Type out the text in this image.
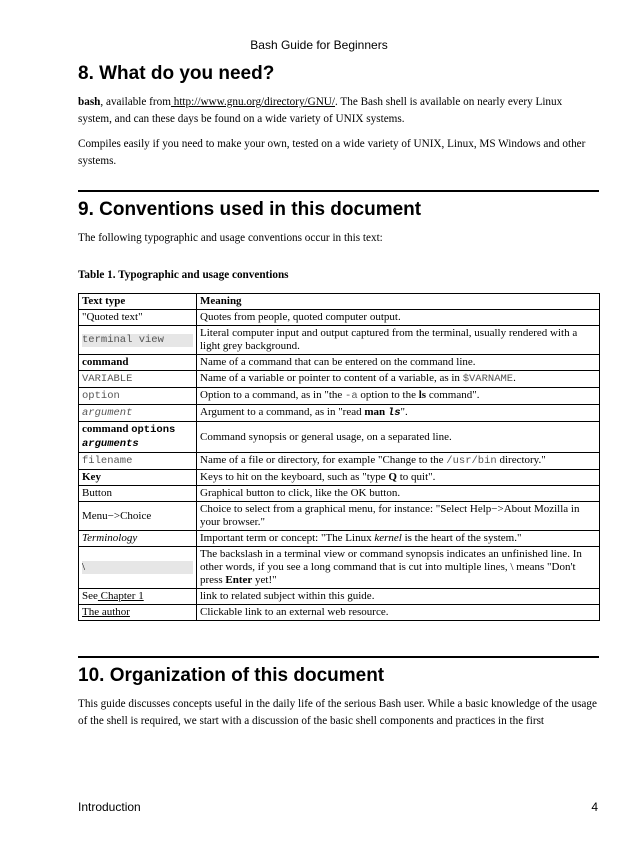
Bash Guide for Beginners
8. What do you need?

bash, available from http://www.gnu.org/directory/GNU/. The Bash shell is available on nearly every Linux system, and can these days be found on a wide variety of UNIX systems.

Compiles easily if you need to make your own, tested on a wide variety of UNIX, Linux, MS Windows and other systems.

9. Conventions used in this document

The following typographic and usage conventions occur in this text:

Table 1. Typographic and usage conventions

Text type	Meaning
"Quoted text"	Quotes from people, quoted computer output.

terminal view	Literal computer input and output captured from the terminal, usually rendered with a light grey background.
command	Name of a command that can be entered on the command line.
VARIABLE	Name of a variable or pointer to content of a variable, as in $VARNAME.
option	Option to a command, as in "the -a option to the ls command".
argument	Argument to a command, as in "read man ls".
command options
arguments	Command synopsis or general usage, on a separated line.
filename	Name of a file or directory, for example "Change to the /usr/bin directory."
Key	Keys to hit on the keyboard, such as "type Q to quit".
Button	Graphical button to click, like the OK button.
Menu−>Choice	Choice to select from a graphical menu, for instance: "Select Help−>About Mozilla in your browser."
Terminology	Important term or concept: "The Linux kernel is the heart of the system."

\	The backslash in a terminal view or command synopsis indicates an unfinished line. In other words, if you see a long command that is cut into multiple lines, \ means "Don't press Enter yet!"
See Chapter 1	link to related subject within this guide.
The author	Clickable link to an external web resource.
10. Organization of this document

This guide discusses concepts useful in the daily life of the serious Bash user. While a basic knowledge of the usage of the shell is required, we start with a discussion of the basic shell components and practices in the first

Introduction	4
